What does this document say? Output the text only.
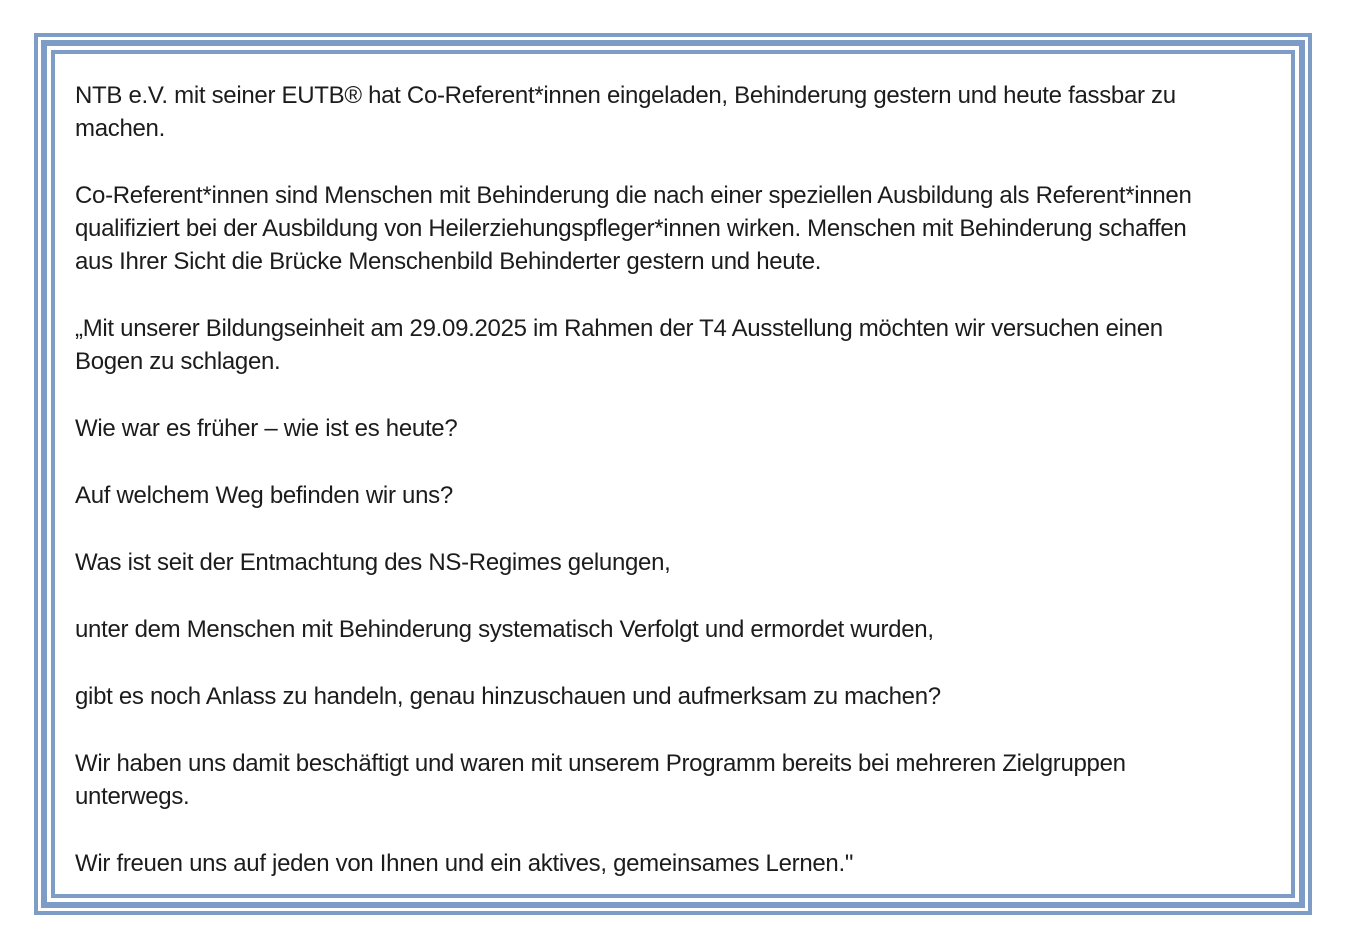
NTB e.V. mit seiner EUTB® hat Co-Referent*innen eingeladen, Behinderung gestern und heute fassbar zu
machen.

Co-Referent*innen sind Menschen mit Behinderung die nach einer speziellen Ausbildung als Referent*innen
qualifiziert bei der Ausbildung von Heilerziehungspfleger*innen wirken. Menschen mit Behinderung schaffen
aus Ihrer Sicht die Brücke Menschenbild Behinderter gestern und heute.

„Mit unserer Bildungseinheit am 29.09.2025 im Rahmen der T4 Ausstellung möchten wir versuchen einen
Bogen zu schlagen.

Wie war es früher – wie ist es heute?

Auf welchem Weg befinden wir uns?

Was ist seit der Entmachtung des NS-Regimes gelungen,

unter dem Menschen mit Behinderung systematisch Verfolgt und ermordet wurden,

gibt es noch Anlass zu handeln, genau hinzuschauen und aufmerksam zu machen?

Wir haben uns damit beschäftigt und waren mit unserem Programm bereits bei mehreren Zielgruppen
unterwegs.

Wir freuen uns auf jeden von Ihnen und ein aktives, gemeinsames Lernen."
